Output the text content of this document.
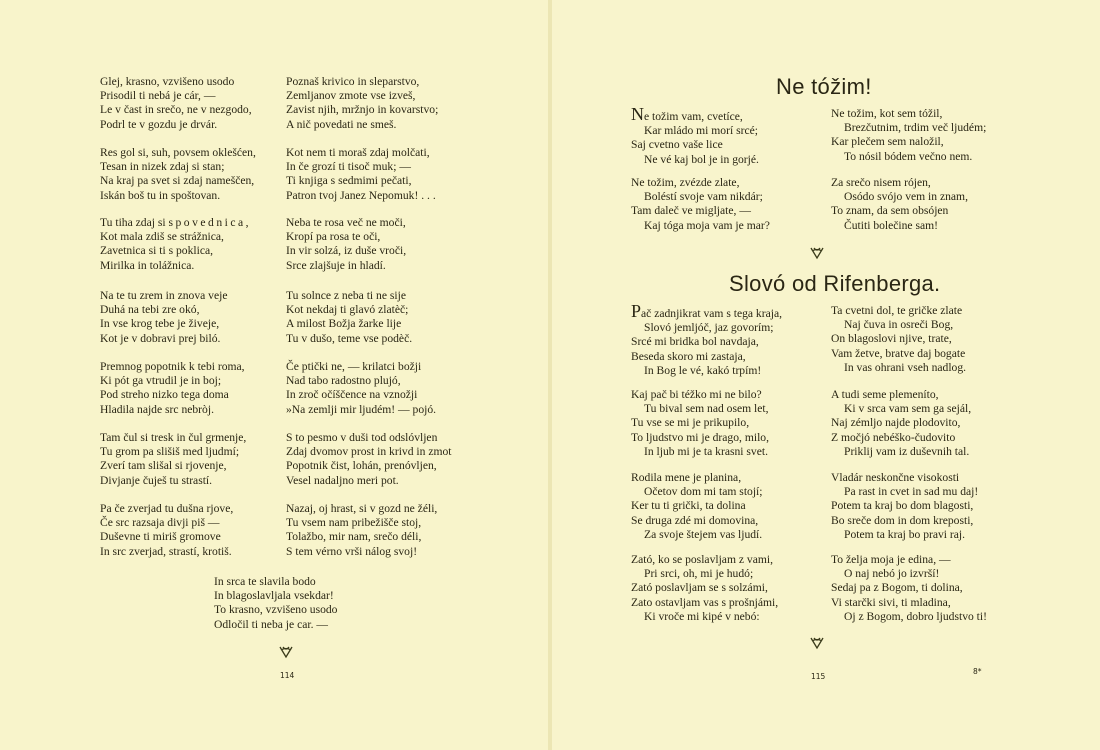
Glej, krasno, vzvišeno usodo
Prisodil ti nebá je cár, —
Le v čast in srečo, ne v nezgodo,
Podrl te v gozdu je drvár.
Res gol si, suh, povsem oklešćen,
Tesan in nizek zdaj si stan;
Na kraj pa svet si zdaj nameščen,
Iskán boš tu in spoštovan.
Tu tiha zdaj si spovednica,
Kot mala zdiš se strážnica,
Zavetnica si ti s poklica,
Mirilka in tolážnica.
Na te tu zrem in znova veje
Duhá na tebi zre okó,
In vse krog tebe je živeje,
Kot je v dobravi prej biló.
Premnog popotnik k tebi roma,
Ki pót ga vtrudil je in boj;
Pod streho nizko tega doma
Hladila najde src nebròj.
Tam čul si tresk in čul grmenje,
Tu grom pa slišiš med ljudmí;
Zverí tam slišal si rjovenje,
Divjanje čuješ tu strastí.
Pa če zverjad tu dušna rjove,
Če src razsaja divji piš —
Duševne ti miriš gromove
In src zverjad, strastí, krotiš.
Poznaš krivico in sleparstvo,
Zemljanov zmote vse izveš,
Zavist njih, mržnjo in kovarstvo;
A nič povedati ne smeš.
Kot nem ti moraš zdaj molčati,
In če grozí ti tisoč muk; —
Ti knjiga s sedmimi pečati,
Patron tvoj Janez Nepomuk! . . .
Neba te rosa več ne moči,
Kropí pa rosa te oči,
In vir solzá, iz duše vroči,
Srce zlajšuje in hladí.
Tu solnce z neba ti ne sije
Kot nekdaj ti glavó zlatèč;
A milost Božja žarke lije
Tu v dušo, teme vse podèč.
Če ptički ne, — krilatci božji
Nad tabo radostno plujó,
In zroč očíščence na vznožji
»Na zemlji mir ljudém! — pojó.
S to pesmo v duši tod odslóvljen
Zdaj dvomov prost in krivd in zmot
Popotnik čist, lohán, prenóvljen,
Vesel nadaljno meri pot.
Nazaj, oj hrast, si v gozd ne žéli,
Tu vsem nam pribežišče stoj,
Tolažbo, mir nam, srečo déli,
S tem vérno vrši nálog svoj!
In srca te slavila bodo
In blagoslavljala vsekdar!
To krasno, vzvišeno usodo
Odločil ti neba je car. —
114
Ne tóžim!
Ne tožim vam, cvetíce,
Kar mládo mi morí srcé;
Saj cvetno vaše lice
Ne vé kaj bol je in gorjé.
Ne tožim, zvézde zlate,
Boléstí svoje vam nikdár;
Tam daleč ve miglјate, —
Kaj tóga moja vam je mar?
Ne tožim, kot sem tóžil,
Brezčutnim, trdim več ljudém;
Kar plečem sem naložil,
To nósil bódem večno nem.
Za srečo nisem rójen,
Osódo svójo vem in znam,
To znam, da sem obsójen
Čutiti bolečine sam!
Slovó od Rifenberga.
Pač zadnjikrat vam s tega kraja,
Slovó jemljóč, jaz govorím;
Srcé mi bridka bol navdaja,
Beseda skoro mi zastaja,
In Bog le vé, kakó trpím!
Kaj pač bi téžko mi ne bilo?
Tu bival sem nad osem let,
Tu vse se mi je prikupilo,
To ljudstvo mi je drago, milo,
In ljub mi je ta krasni svet.
Rodila mene je planina,
Očetov dom mi tam stojí;
Ker tu ti grički, ta dolina
Se druga zdé mi domovina,
Za svoje štejem vas ljudí.
Zató, ko se poslavljam z vami,
Pri srci, oh, mi je hudó;
Zató poslavljam se s solzámi,
Zato ostavljam vas s prošnjámi,
Ki vroče mi kipé v nebó:
Ta cvetni dol, te gričke zlate
Naj čuva in osreči Bog,
On blagoslovi njive, trate,
Vam žetve, bratve daj bogate
In vas ohrani vseh nadlog.
A tudi seme plemeníto,
Ki v srca vam sem ga sejál,
Naj zémljo najde plodovito,
Z močjó nebéško-čudovito
Priklij vam iz duševnih tal.
Vladár neskončne visokosti
Pa rast in cvet in sad mu daj!
Potem ta kraj bo dom blagosti,
Bo sreče dom in dom kreposti,
Potem ta kraj bo pravi raj.
To želja moja je edina, —
O naj nebó jo izvrší!
Sedaj pa z Bogom, ti dolina,
Vi starčki sivi, ti mladina,
Oj z Bogom, dobro ljudstvo ti!
115
8*
